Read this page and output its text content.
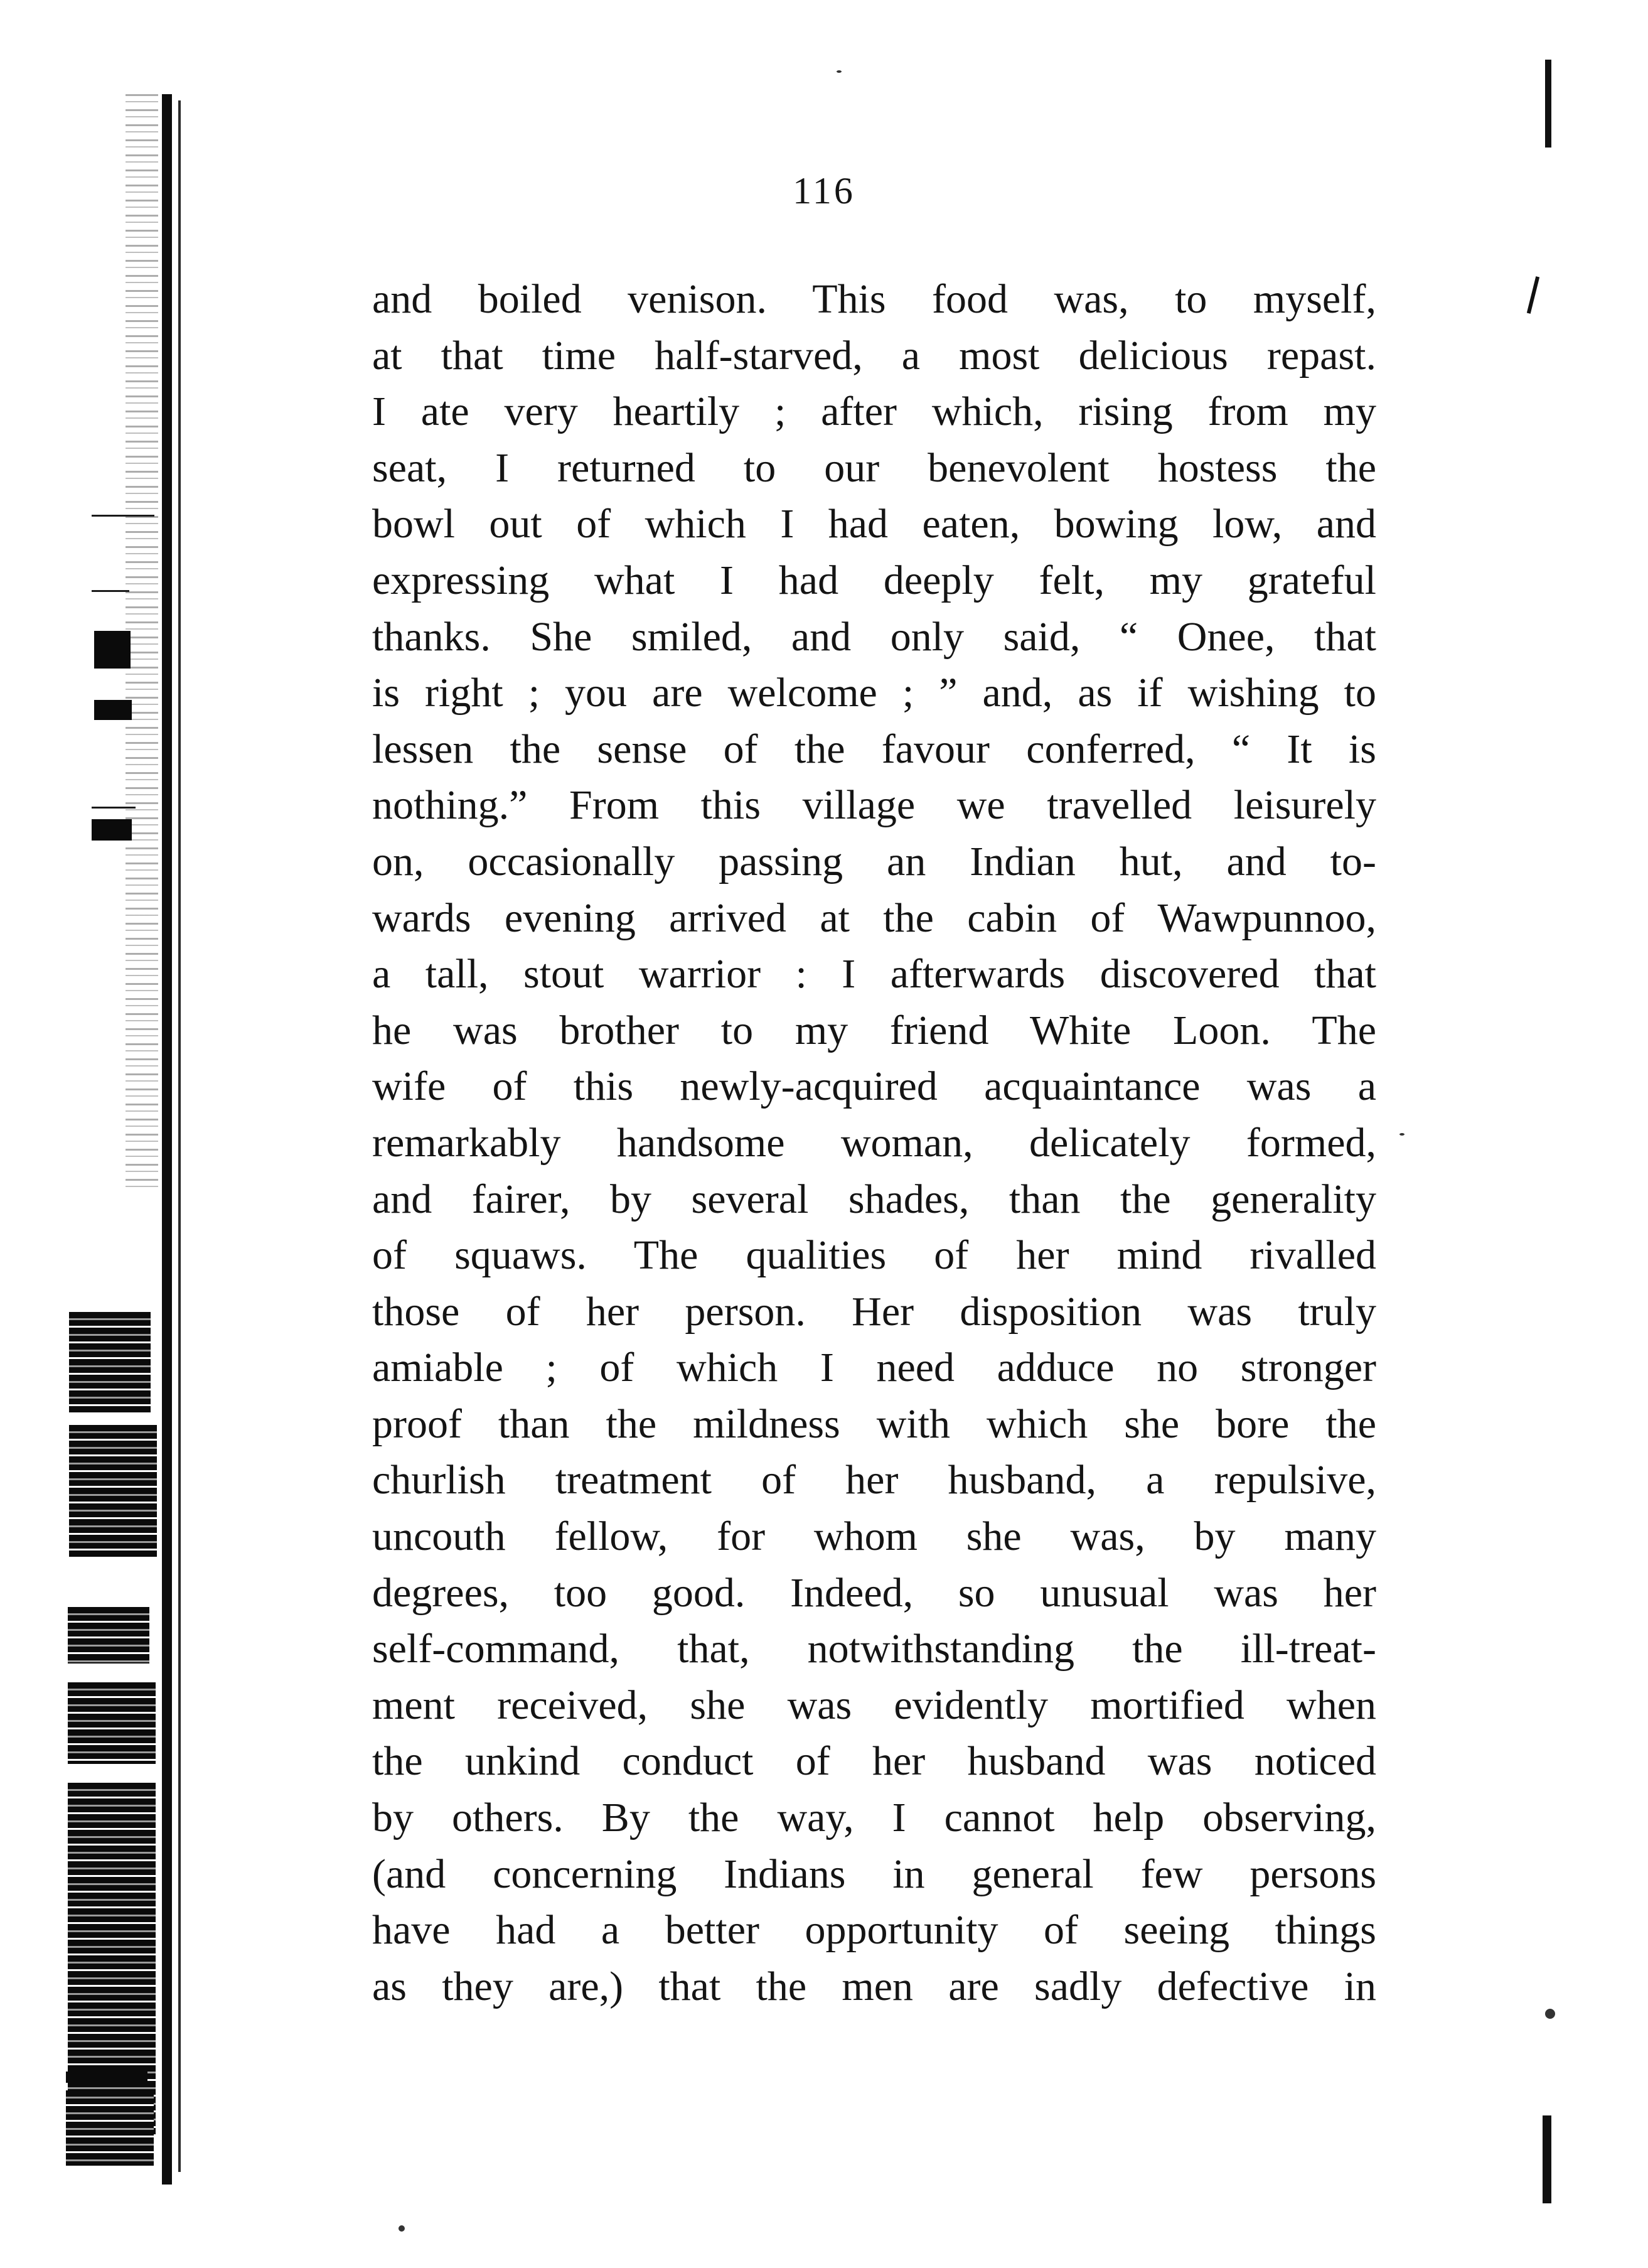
116
and boiled venison. This food was, to myself,
at that time half-starved, a most delicious repast.
I ate very heartily ; after which, rising from my
seat, I returned to our benevolent hostess the
bowl out of which I had eaten, bowing low, and
expressing what I had deeply felt, my grateful
thanks. She smiled, and only said, “ Onee, that
is right ; you are welcome ; ” and, as if wishing to
lessen the sense of the favour conferred, “ It is
nothing.” From this village we travelled leisurely
on, occasionally passing an Indian hut, and to-
wards evening arrived at the cabin of Wawpunnoo,
a tall, stout warrior : I afterwards discovered that
he was brother to my friend White Loon. The
wife of this newly-acquired acquaintance was a
remarkably handsome woman, delicately formed,
and fairer, by several shades, than the generality
of squaws. The qualities of her mind rivalled
those of her person. Her disposition was truly
amiable ; of which I need adduce no stronger
proof than the mildness with which she bore the
churlish treatment of her husband, a repulsive,
uncouth fellow, for whom she was, by many
degrees, too good. Indeed, so unusual was her
self-command, that, notwithstanding the ill-treat-
ment received, she was evidently mortified when
the unkind conduct of her husband was noticed
by others. By the way, I cannot help observing,
(and concerning Indians in general few persons
have had a better opportunity of seeing things
as they are,) that the men are sadly defective in
